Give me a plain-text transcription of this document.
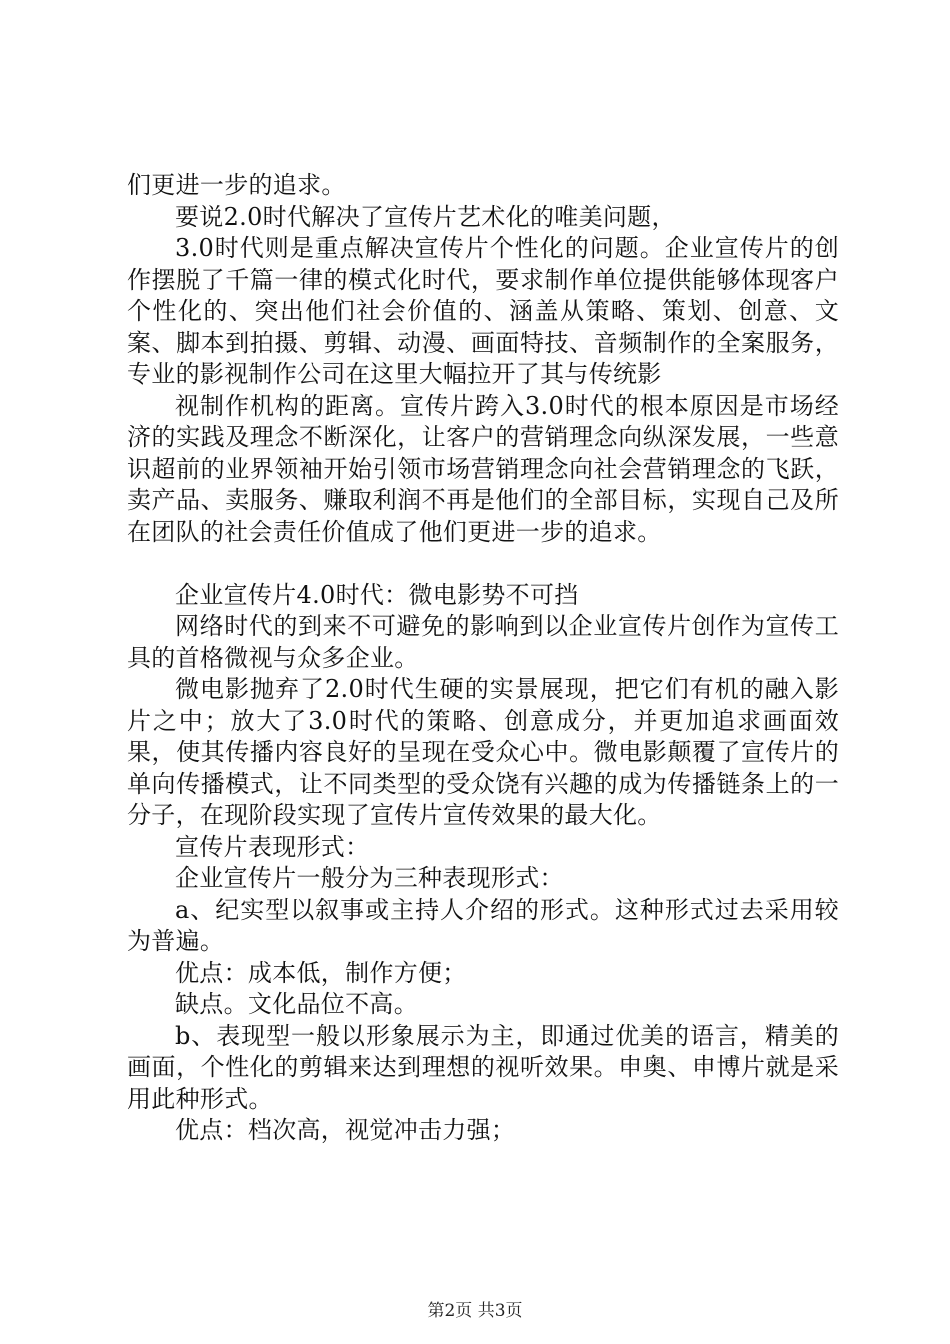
们更进一步的追求。

要说2.0时代解决了宣传片艺术化的唯美问题，

3.0时代则是重点解决宣传片个性化的问题。企业宣传片的创作摆脱了千篇一律的模式化时代，要求制作单位提供能够体现客户个性化的、突出他们社会价值的、涵盖从策略、策划、创意、文案、脚本到拍摄、剪辑、动漫、画面特技、音频制作的全案服务，专业的影视制作公司在这里大幅拉开了其与传统影

视制作机构的距离。宣传片跨入3.0时代的根本原因是市场经济的实践及理念不断深化，让客户的营销理念向纵深发展，一些意识超前的业界领袖开始引领市场营销理念向社会营销理念的飞跃，卖产品、卖服务、赚取利润不再是他们的全部目标，实现自己及所在团队的社会责任价值成了他们更进一步的追求。

企业宣传片4.0时代：微电影势不可挡

网络时代的到来不可避免的影响到以企业宣传片创作为宣传工具的首格微视与众多企业。

微电影抛弃了2.0时代生硬的实景展现，把它们有机的融入影片之中；放大了3.0时代的策略、创意成分，并更加追求画面效果，使其传播内容良好的呈现在受众心中。微电影颠覆了宣传片的单向传播模式，让不同类型的受众饶有兴趣的成为传播链条上的一分子，在现阶段实现了宣传片宣传效果的最大化。

宣传片表现形式：

企业宣传片一般分为三种表现形式：

a、纪实型以叙事或主持人介绍的形式。这种形式过去采用较为普遍。

优点：成本低，制作方便；

缺点。文化品位不高。

b、表现型一般以形象展示为主，即通过优美的语言，精美的画面，个性化的剪辑来达到理想的视听效果。申奥、申博片就是采用此种形式。

优点：档次高，视觉冲击力强；

第2页 共3页
